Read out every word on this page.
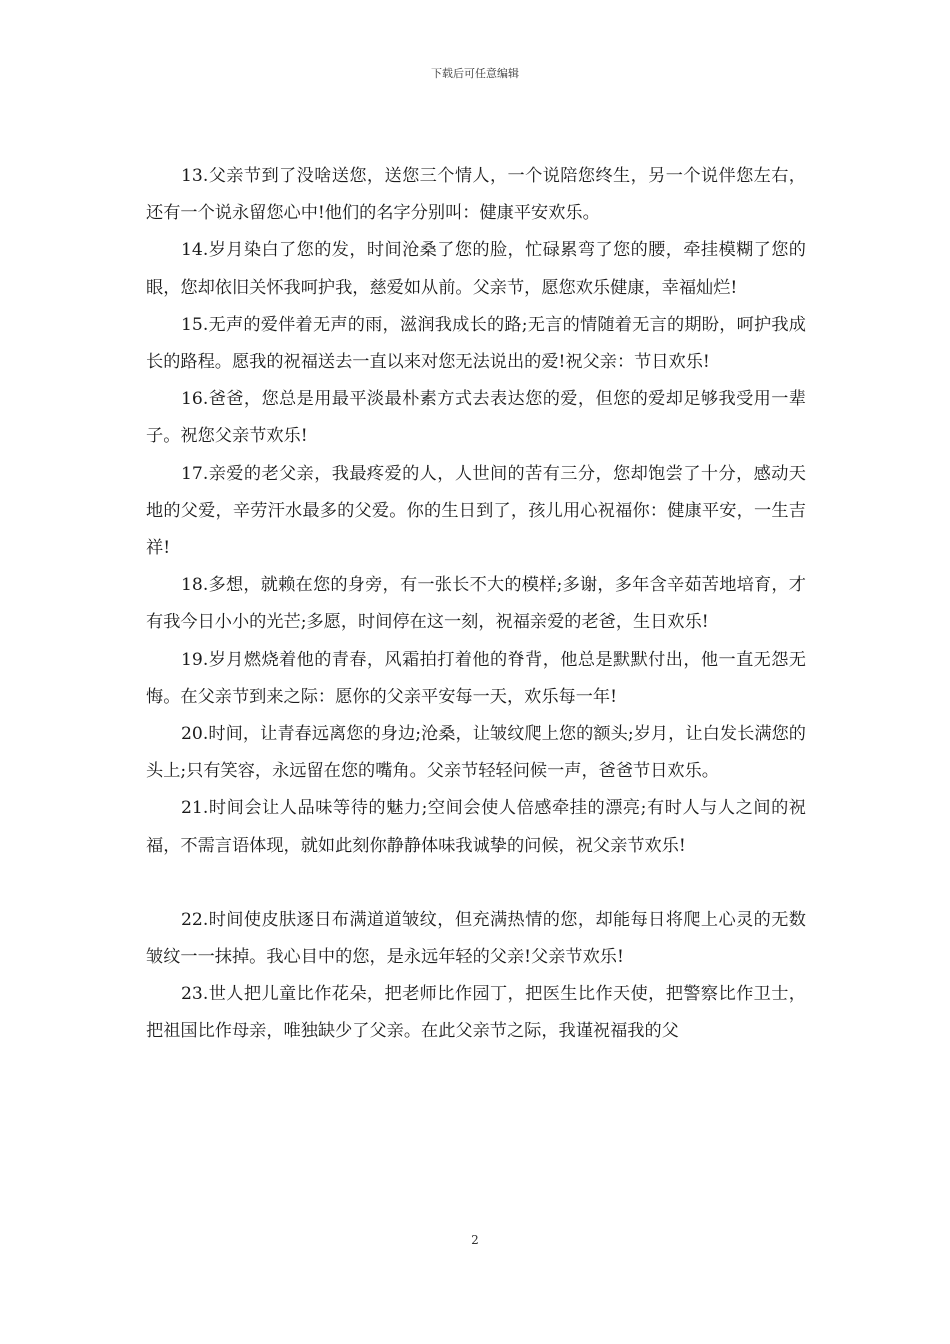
下载后可任意编辑

13.父亲节到了没啥送您，送您三个情人，一个说陪您终生，另一个说伴您左右，还有一个说永留您心中!他们的名字分别叫：健康平安欢乐。

14.岁月染白了您的发，时间沧桑了您的脸，忙碌累弯了您的腰，牵挂模糊了您的眼，您却依旧关怀我呵护我，慈爱如从前。父亲节，愿您欢乐健康，幸福灿烂!

15.无声的爱伴着无声的雨，滋润我成长的路;无言的情随着无言的期盼，呵护我成长的路程。愿我的祝福送去一直以来对您无法说出的爱!祝父亲：节日欢乐!

16.爸爸，您总是用最平淡最朴素方式去表达您的爱，但您的爱却足够我受用一辈子。祝您父亲节欢乐!

17.亲爱的老父亲，我最疼爱的人，人世间的苦有三分，您却饱尝了十分，感动天地的父爱，辛劳汗水最多的父爱。你的生日到了，孩儿用心祝福你：健康平安，一生吉祥!

18.多想，就赖在您的身旁，有一张长不大的模样;多谢，多年含辛茹苦地培育，才有我今日小小的光芒;多愿，时间停在这一刻，祝福亲爱的老爸，生日欢乐!

19.岁月燃烧着他的青春，风霜拍打着他的脊背，他总是默默付出，他一直无怨无悔。在父亲节到来之际：愿你的父亲平安每一天，欢乐每一年!

20.时间，让青春远离您的身边;沧桑，让皱纹爬上您的额头;岁月，让白发长满您的头上;只有笑容，永远留在您的嘴角。父亲节轻轻问候一声，爸爸节日欢乐。

21.时间会让人品味等待的魅力;空间会使人倍感牵挂的漂亮;有时人与人之间的祝福，不需言语体现，就如此刻你静静体味我诚挚的问候，祝父亲节欢乐!

22.时间使皮肤逐日布满道道皱纹，但充满热情的您，却能每日将爬上心灵的无数皱纹一一抹掉。我心目中的您，是永远年轻的父亲!父亲节欢乐!

23.世人把儿童比作花朵，把老师比作园丁，把医生比作天使，把警察比作卫士，把祖国比作母亲，唯独缺少了父亲。在此父亲节之际，我谨祝福我的父

2
